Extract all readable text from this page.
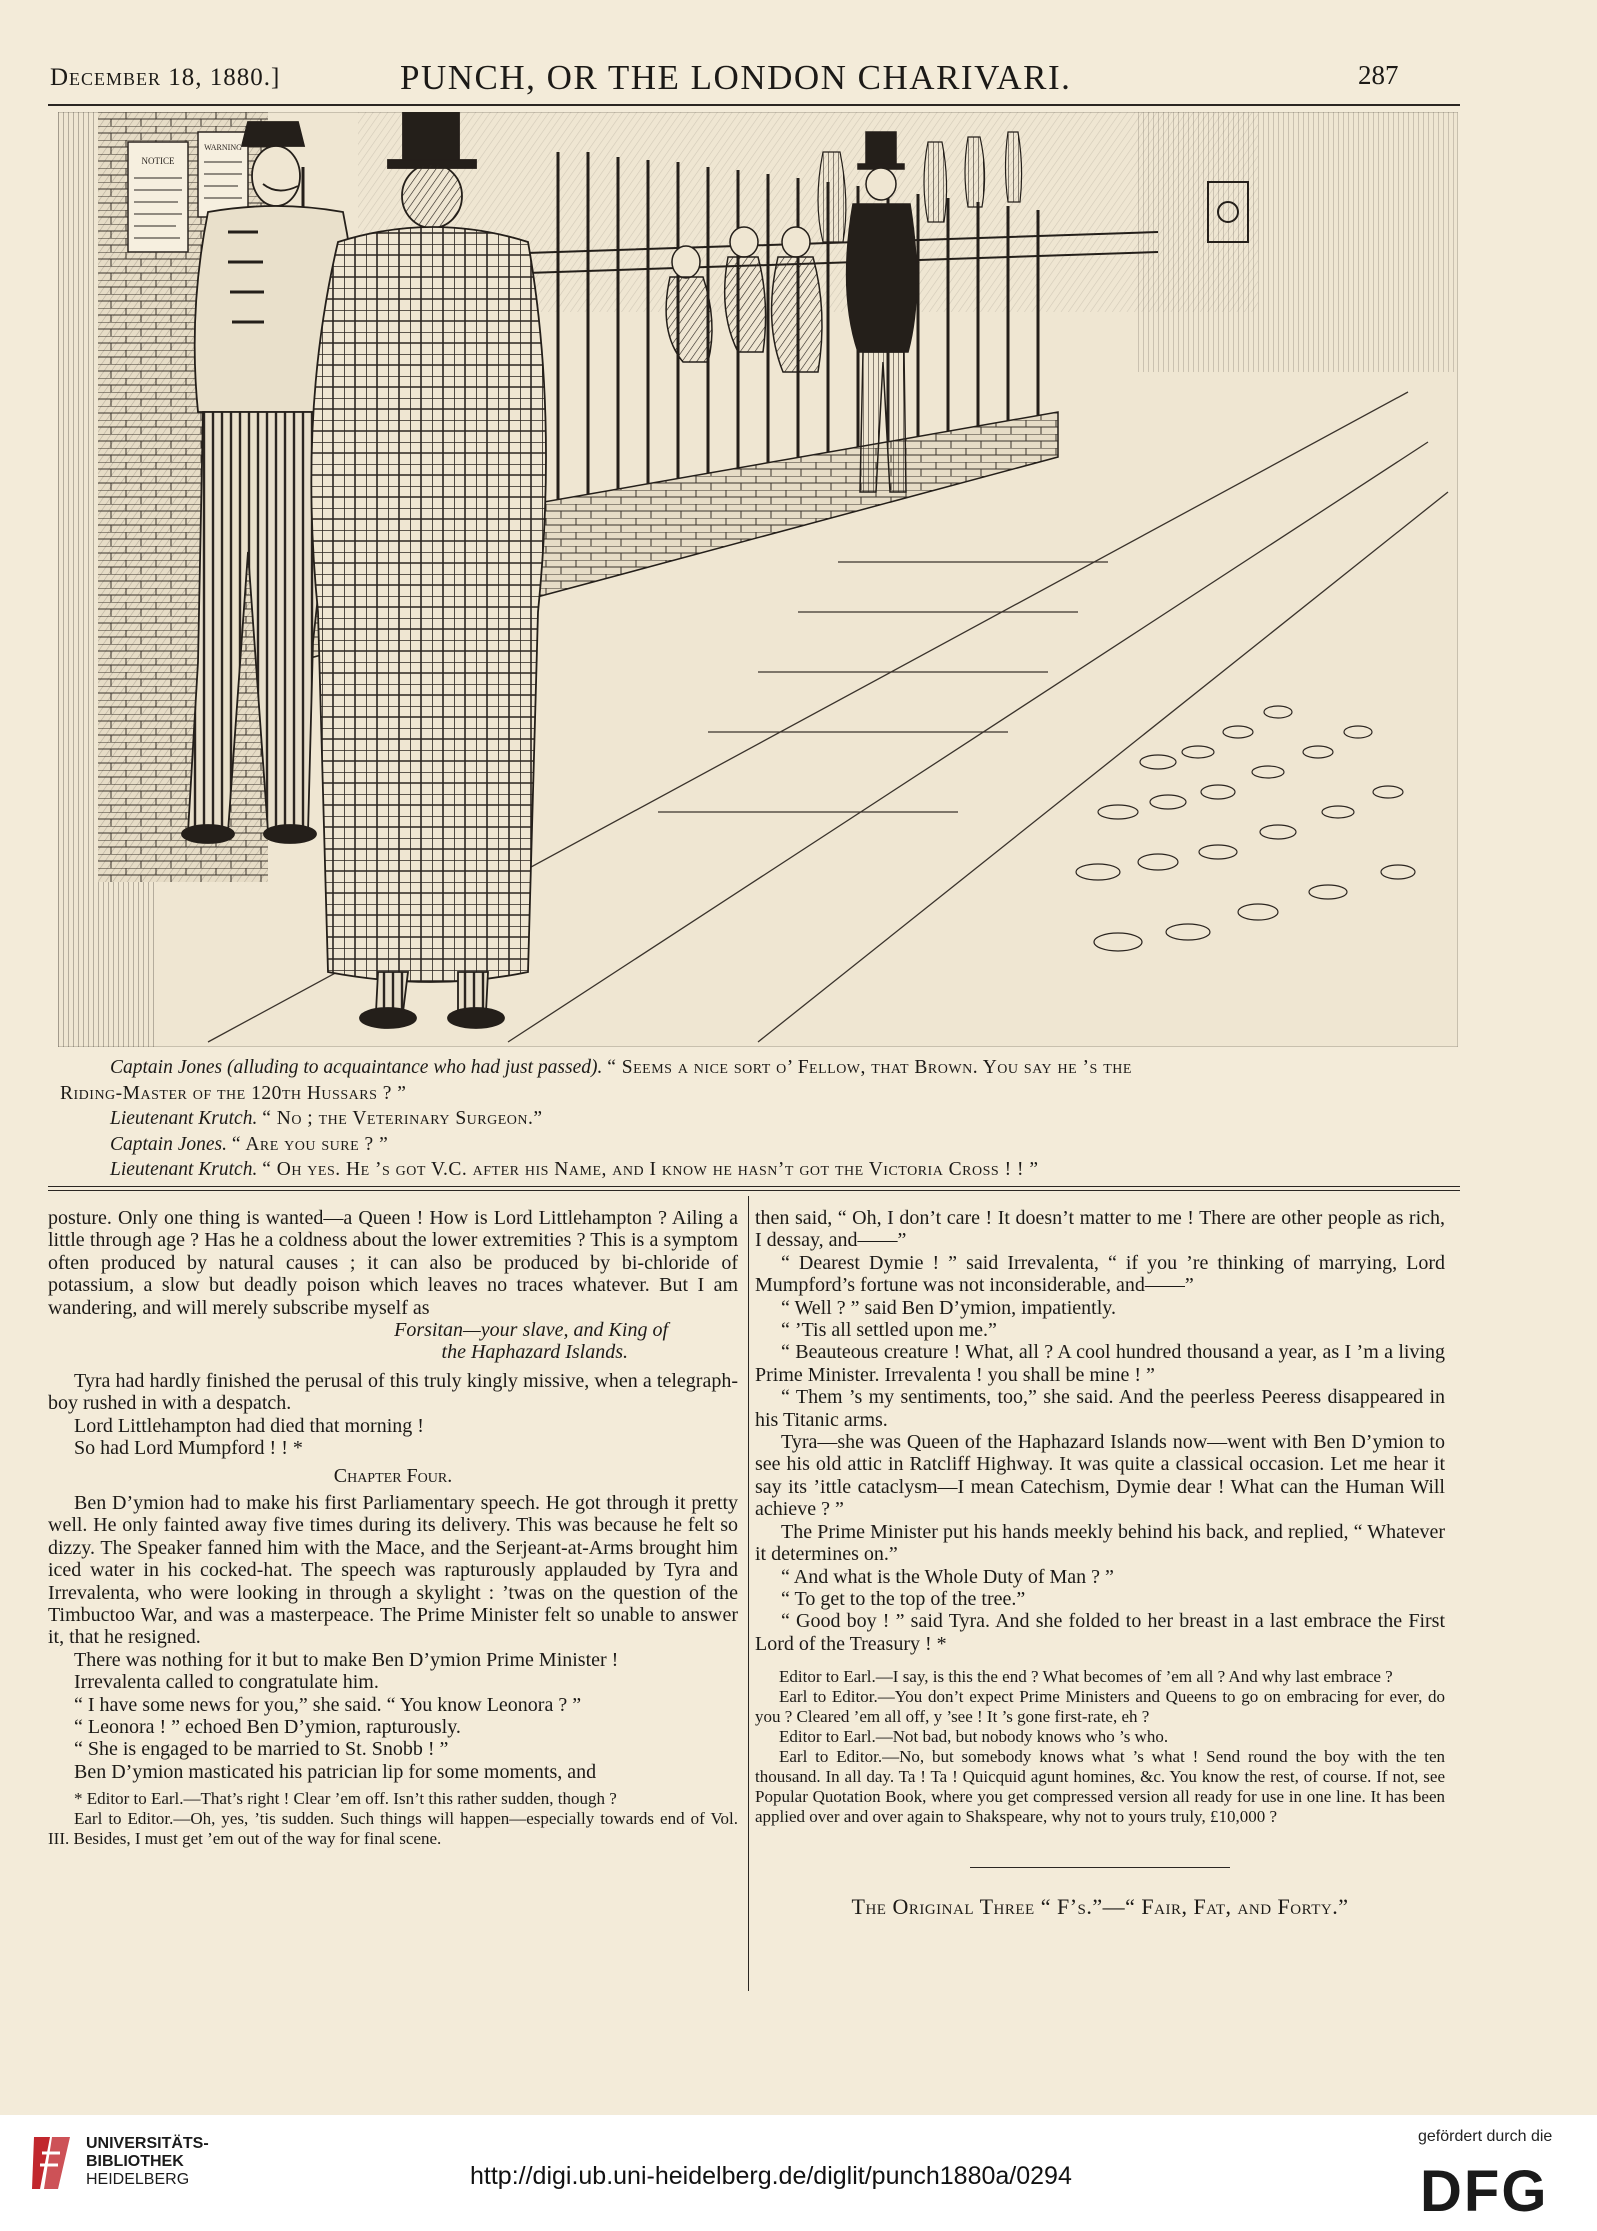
December 18, 1880.]	PUNCH, OR THE LONDON CHARIVARI.	287
NOTICE
WARNING
Captain Jones (alluding to acquaintance who had just passed). “ Seems a nice sort o’ Fellow, that Brown. You say he ’s the
Riding-Master of the 120th Hussars ? ”
Lieutenant Krutch. “ No ; the Veterinary Surgeon.”
Captain Jones. “ Are you sure ? ”
Lieutenant Krutch. “ Oh yes. He ’s got V.C. after his Name, and I know he hasn’t got the Victoria Cross ! ! ”

posture. Only one thing is wanted—a Queen ! How is Lord Littlehampton ? Ailing a little through age ? Has he a coldness about the lower extremities ? This is a symptom often produced by natural causes ; it can also be produced by bi-chloride of potassium, a slow but deadly poison which leaves no traces whatever. But I am wandering, and will merely subscribe myself as

Forsitan—your slave, and King of

the Haphazard Islands.

Tyra had hardly finished the perusal of this truly kingly missive, when a telegraph-boy rushed in with a despatch.

Lord Littlehampton had died that morning !

So had Lord Mumpford ! ! *

Chapter Four.

Ben D’ymion had to make his first Parliamentary speech. He got through it pretty well. He only fainted away five times during its delivery. This was because he felt so dizzy. The Speaker fanned him with the Mace, and the Serjeant-at-Arms brought him iced water in his cocked-hat. The speech was rapturously applauded by Tyra and Irrevalenta, who were looking in through a skylight : ’twas on the question of the Timbuctoo War, and was a masterpeace. The Prime Minister felt so unable to answer it, that he resigned.

There was nothing for it but to make Ben D’ymion Prime Minister !

Irrevalenta called to congratulate him.

“ I have some news for you,” she said. “ You know Leonora ? ”

“ Leonora ! ” echoed Ben D’ymion, rapturously.

“ She is engaged to be married to St. Snobb ! ”

Ben D’ymion masticated his patrician lip for some moments, and

* Editor to Earl.—That’s right ! Clear ’em off. Isn’t this rather sudden, though ?

Earl to Editor.—Oh, yes, ’tis sudden. Such things will happen—especially towards end of Vol. III. Besides, I must get ’em out of the way for final scene.

then said, “ Oh, I don’t care ! It doesn’t matter to me ! There are other people as rich, I dessay, and——”

“ Dearest Dymie ! ” said Irrevalenta, “ if you ’re thinking of marrying, Lord Mumpford’s fortune was not inconsiderable, and——”

“ Well ? ” said Ben D’ymion, impatiently.

“ ’Tis all settled upon me.”

“ Beauteous creature ! What, all ? A cool hundred thousand a year, as I ’m a living Prime Minister. Irrevalenta ! you shall be mine ! ”

“ Them ’s my sentiments, too,” she said. And the peerless Peeress disappeared in his Titanic arms.

Tyra—she was Queen of the Haphazard Islands now—went with Ben D’ymion to see his old attic in Ratcliff Highway. It was quite a classical occasion. Let me hear it say its ’ittle cataclysm—I mean Catechism, Dymie dear ! What can the Human Will achieve ? ”

The Prime Minister put his hands meekly behind his back, and replied, “ Whatever it determines on.”

“ And what is the Whole Duty of Man ? ”

“ To get to the top of the tree.”

“ Good boy ! ” said Tyra. And she folded to her breast in a last embrace the First Lord of the Treasury ! *

Editor to Earl.—I say, is this the end ? What becomes of ’em all ? And why last embrace ?

Earl to Editor.—You don’t expect Prime Ministers and Queens to go on embracing for ever, do you ? Cleared ’em all off, y ’see ! It ’s gone first-rate, eh ?

Editor to Earl.—Not bad, but nobody knows who ’s who.

Earl to Editor.—No, but somebody knows what ’s what ! Send round the boy with the ten thousand. In all day. Ta ! Ta ! Quicquid agunt homines, &c. You know the rest, of course. If not, see Popular Quotation Book, where you get compressed version all ready for use in one line. It has been applied over and over again to Shakspeare, why not to yours truly, £10,000 ?

The Original Three “ F’s.”—“ Fair, Fat, and Forty.”
UNIVERSITÄTS-
BIBLIOTHEK
HEIDELBERG	http://digi.ub.uni-heidelberg.de/diglit/punch1880a/0294
gefördert durch die
DFG
